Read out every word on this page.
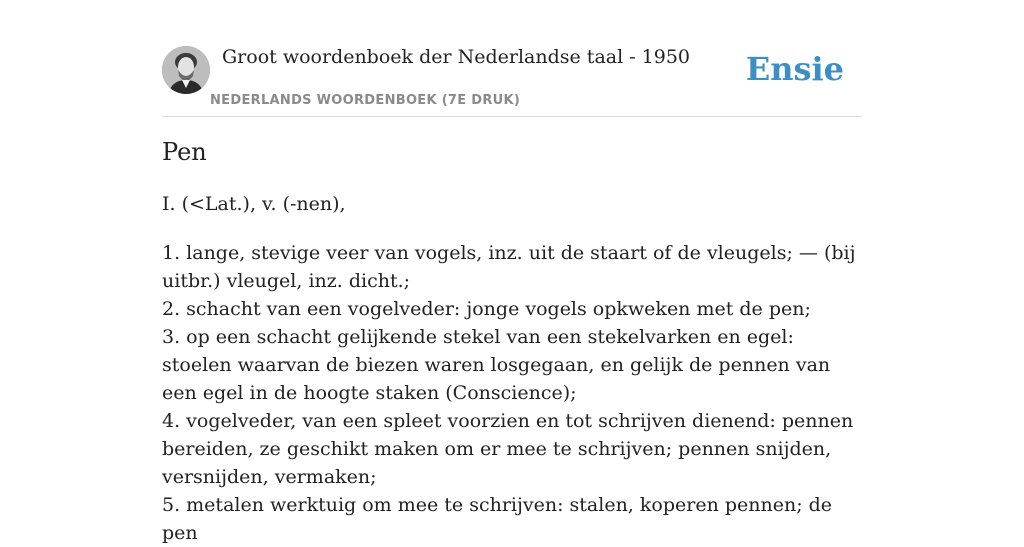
Groot woordenboek der Nederlandse taal - 1950
NEDERLANDS WOORDENBOEK (7E DRUK)
Ensie
Pen

I. (<Lat.), v. (-nen),

1. lange, stevige veer van vogels, inz. uit de staart of de vleugels; — (bij uitbr.) vleugel, inz. dicht.;

2. schacht van een vogelveder: jonge vogels opkweken met de pen;

3. op een schacht gelijkende stekel van een stekelvarken en egel: stoelen waarvan de biezen waren losgegaan, en gelijk de pennen van een egel in de hoogte staken (Conscience);

4. vogelveder, van een spleet voorzien en tot schrijven dienend: pennen bereiden, ze geschikt maken om er mee te schrijven; pennen snijden, versnijden, vermaken;

5. metalen werktuig om mee te schrijven: stalen, koperen pennen; de pen
